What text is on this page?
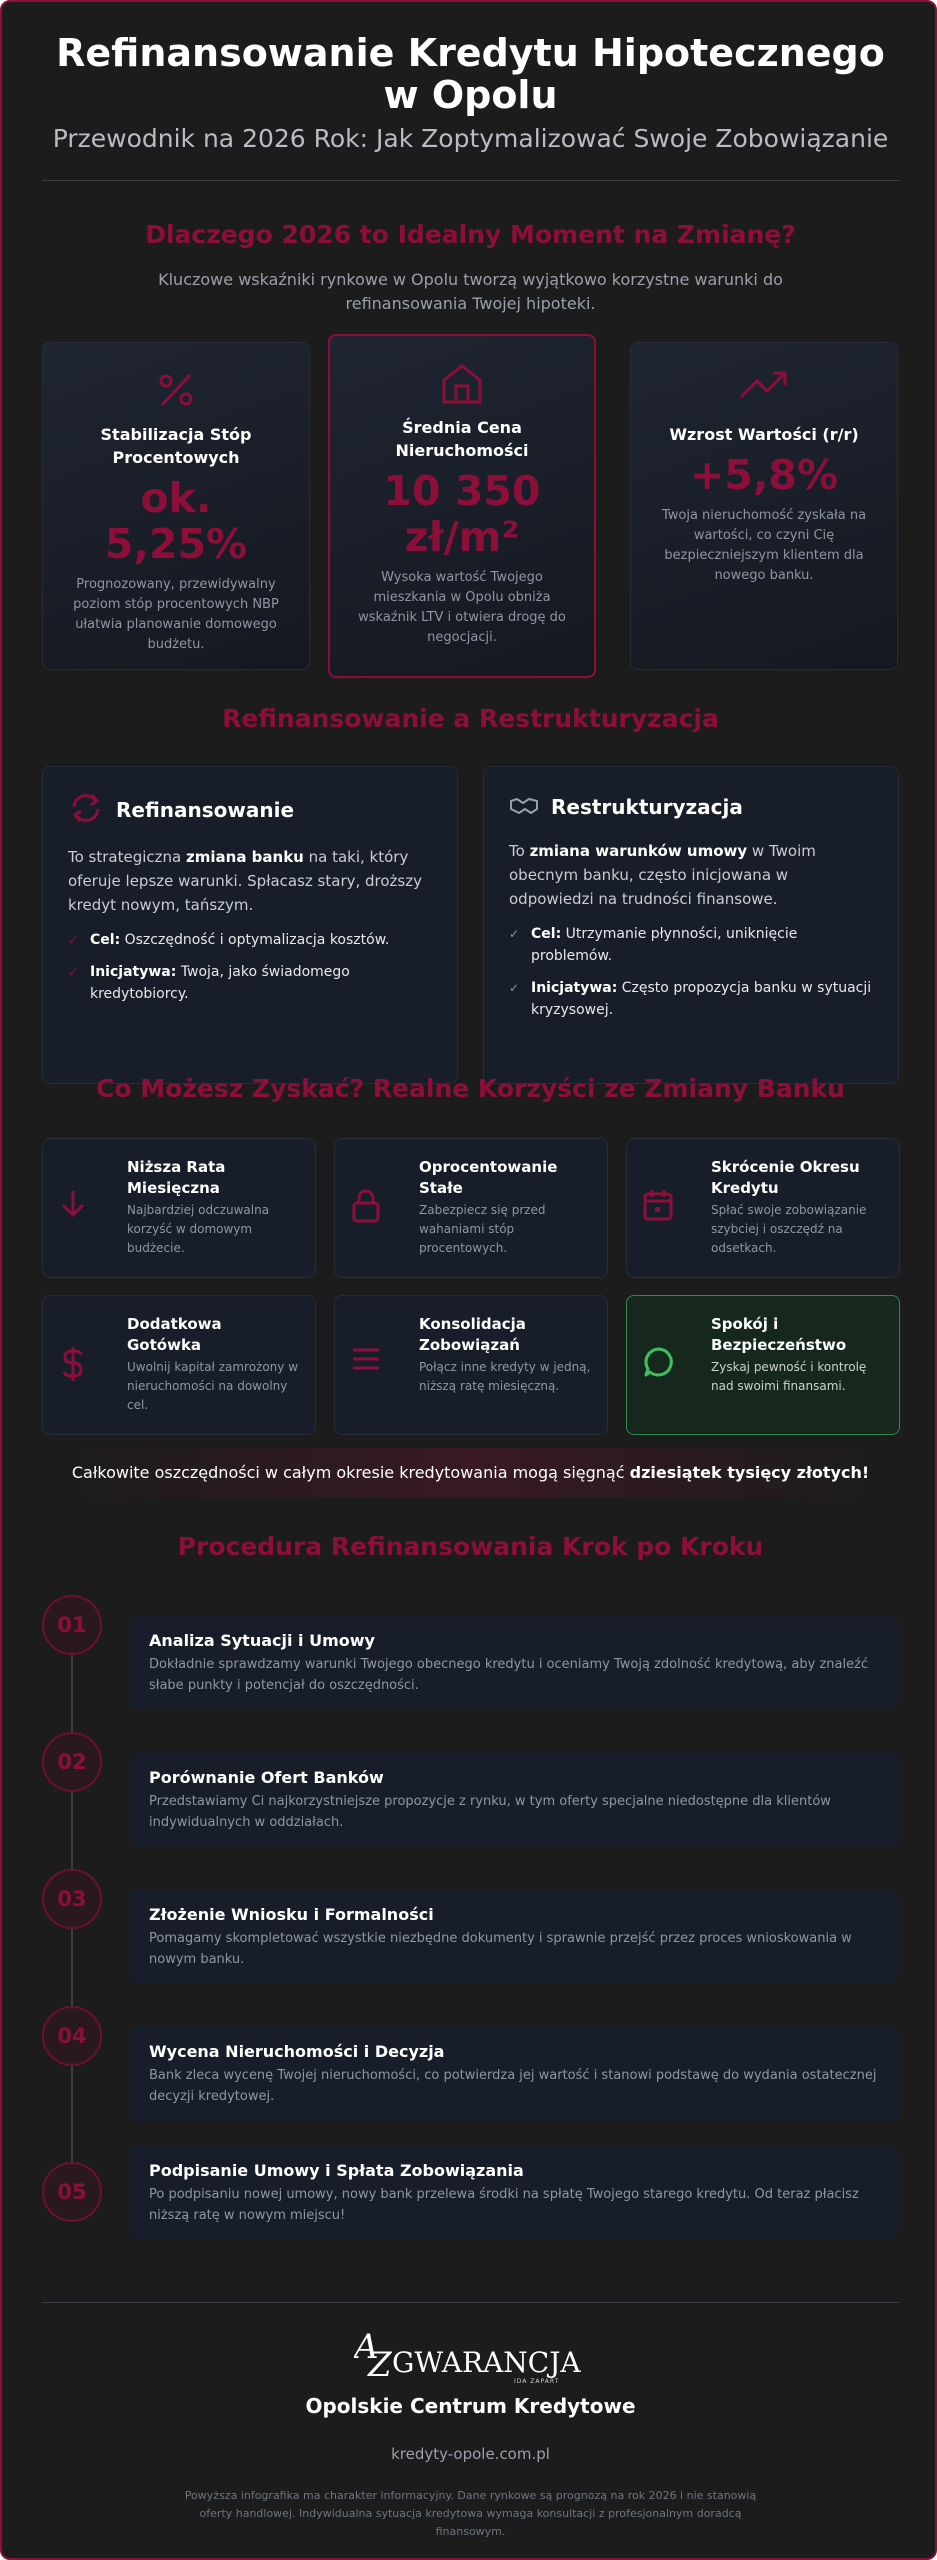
Refinansowanie Kredytu Hipotecznego w Opolu
Przewodnik na 2026 Rok: Jak Zoptymalizować Swoje Zobowiązanie
Dlaczego 2026 to Idealny Moment na Zmianę?
Kluczowe wskaźniki rynkowe w Opolu tworzą wyjątkowo korzystne warunki do refinansowania Twojej hipoteki.
Stabilizacja Stóp Procentowych
ok. 5,25%
Prognozowany, przewidywalny poziom stóp procentowych NBP ułatwia planowanie domowego budżetu.
Średnia Cena Nieruchomości
10 350 zł/m²
Wysoka wartość Twojego mieszkania w Opolu obniża wskaźnik LTV i otwiera drogę do negocjacji.
Wzrost Wartości (r/r)
+5,8%
Twoja nieruchomość zyskała na wartości, co czyni Cię bezpieczniejszym klientem dla nowego banku.
Refinansowanie a Restrukturyzacja
Refinansowanie

To strategiczna zmiana banku na taki, który oferuje lepsze warunki. Spłacasz stary, droższy kredyt nowym, tańszym.

✓ Cel: Oszczędność i optymalizacja kosztów.
✓ Inicjatywa: Twoja, jako świadomego kredytobiorcy.
Restrukturyzacja

To zmiana warunków umowy w Twoim obecnym banku, często inicjowana w odpowiedzi na trudności finansowe.

✓ Cel: Utrzymanie płynności, uniknięcie problemów.
✓ Inicjatywa: Często propozycja banku w sytuacji kryzysowej.
Co Możesz Zyskać? Realne Korzyści ze Zmiany Banku
Niższa Rata Miesięczna
Najbardziej odczuwalna korzyść w domowym budżecie.
Oprocentowanie Stałe
Zabezpiecz się przed wahaniami stóp procentowych.
Skrócenie Okresu Kredytu
Spłać swoje zobowiązanie szybciej i oszczędź na odsetkach.
Dodatkowa Gotówka
Uwolnij kapitał zamrożony w nieruchomości na dowolny cel.
Konsolidacja Zobowiązań
Połącz inne kredyty w jedną, niższą ratę miesięczną.
Spokój i Bezpieczeństwo
Zyskaj pewność i kontrolę nad swoimi finansami.
Całkowite oszczędności w całym okresie kredytowania mogą sięgnąć dziesiątek tysięcy złotych!
Procedura Refinansowania Krok po Kroku
01
Analiza Sytuacji i Umowy
Dokładnie sprawdzamy warunki Twojego obecnego kredytu i oceniamy Twoją zdolność kredytową, aby znaleźć słabe punkty i potencjał do oszczędności.
02
Porównanie Ofert Banków
Przedstawiamy Ci najkorzystniejsze propozycje z rynku, w tym oferty specjalne niedostępne dla klientów indywidualnych w oddziałach.
03
Złożenie Wniosku i Formalności
Pomagamy skompletować wszystkie niezbędne dokumenty i sprawnie przejść przez proces wnioskowania w nowym banku.
04
Wycena Nieruchomości i Decyzja
Bank zleca wycenę Twojej nieruchomości, co potwierdza jej wartość i stanowi podstawę do wydania ostatecznej decyzji kredytowej.
05
Podpisanie Umowy i Spłata Zobowiązania
Po podpisaniu nowej umowy, nowy bank przelewa środki na spłatę Twojego starego kredytu. Od teraz płacisz niższą ratę w nowym miejscu!
A
Z GWARANCJA
IDA ZAPART
Opolskie Centrum Kredytowe
kredyty-opole.com.pl
Powyższa infografika ma charakter informacyjny. Dane rynkowe są prognozą na rok 2026 i nie stanowią oferty handlowej. Indywidualna sytuacja kredytowa wymaga konsultacji z profesjonalnym doradcą finansowym.
